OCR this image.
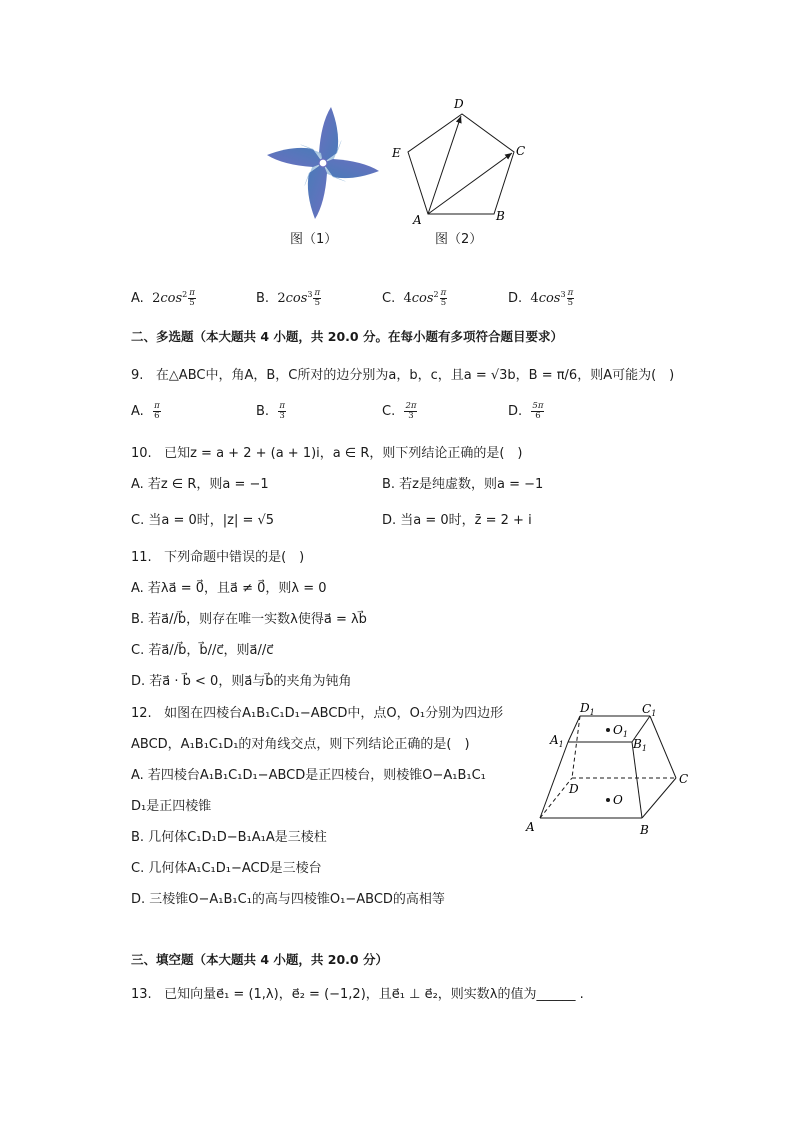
图（1）
D
C
E
A	B
图（2）
A. $2\cos^2 \frac{\pi}{5}$	B. $2\cos^3 \frac{\pi}{5}$	C. $4\cos^2 \frac{\pi}{5}$	D. $4\cos^3 \frac{\pi}{5}$
二、多选题（本大题共 4 小题，共 20.0 分。在每小题有多项符合题目要求）
9. 在△ABC中，角A，B，C所对的边分别为a，b，c，且a = √3b，B = π/6，则A可能为(　)
A. $\frac{\pi}{6}$	B. $\frac{\pi}{3}$	C. $\frac{2\pi}{3}$	D. $\frac{5\pi}{6}$
10. 已知z = a + 2 + (a + 1)i，a ∈ R，则下列结论正确的是(　)
A. 若z ∈ R，则a = −1	B. 若z是纯虚数，则a = −1
C. 当a = 0时，|z| = √5	D. 当a = 0时，z̄ = 2 + i
11. 下列命题中错误的是(　)
A. 若λa⃗ = 0⃗，且a⃗ ≠ 0⃗，则λ = 0
B. 若a⃗//b⃗，则存在唯一实数λ使得a⃗ = λb⃗
C. 若a⃗//b⃗，b⃗//c⃗，则a⃗//c⃗
D. 若a⃗ · b⃗ < 0，则a⃗与b⃗的夹角为钝角
12. 如图在四棱台A₁B₁C₁D₁−ABCD中，点O，O₁分别为四边形
ABCD，A₁B₁C₁D₁的对角线交点，则下列结论正确的是(　)
A. 若四棱台A₁B₁C₁D₁−ABCD是正四棱台，则棱锥O−A₁B₁C₁
D₁是正四棱锥
B. 几何体C₁D₁D−B₁A₁A是三棱柱
C. 几何体A₁C₁D₁−ACD是三棱台
D. 三棱锥O−A₁B₁C₁的高与四棱锥O₁−ABCD的高相等
$D_1$	$C_1$
$A_1$	$B_1$
$O_1$
D
C
O
A	B
三、填空题（本大题共 4 小题，共 20.0 分）
13. 已知向量e⃗₁ = (1,λ)，e⃗₂ = (−1,2)，且e⃗₁ ⊥ e⃗₂，则实数λ的值为______ .
